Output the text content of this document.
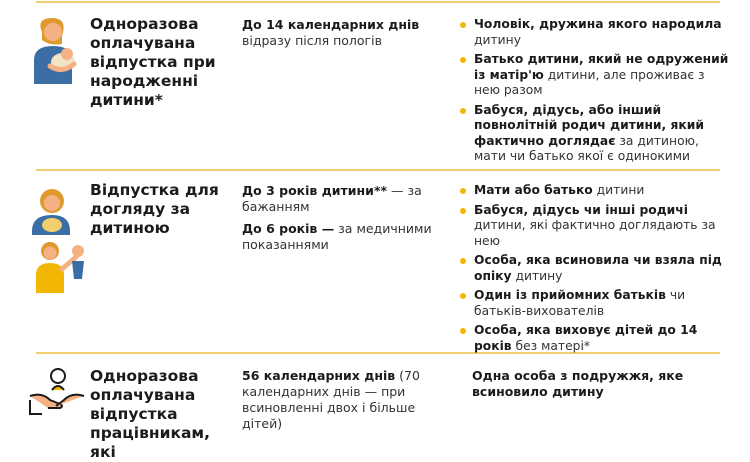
Одноразова оплачувана відпустка при народженні дитини*

До 14 календарних днів відразу після пологів

Чоловік, дружина якого народила дитину
Батько дитини, який не одружений із матір'ю дитини, але проживає з нею разом
Бабуся, дідусь, або інший повнолітній родич дитини, який фактично доглядає за дитиною, мати чи батько якої є одинокими
Відпустка для догляду за дитиною

До 3 років дитини** — за бажанням

До 6 років — за медичними показаннями

Мати або батько дитини
Бабуся, дідусь чи інші родичі дитини, які фактично доглядають за нею
Особа, яка всиновила чи взяла під опіку дитину
Один із прийомних батьків чи батьків-вихователів
Особа, яка виховує дітей до 14 років без матері*
Одноразова оплачувана відпустка працівникам, які

56 календарних днів (70 календарних днів — при всиновленні двох і більше дітей)

Одна особа з подружжя, яке всиновило дитину
